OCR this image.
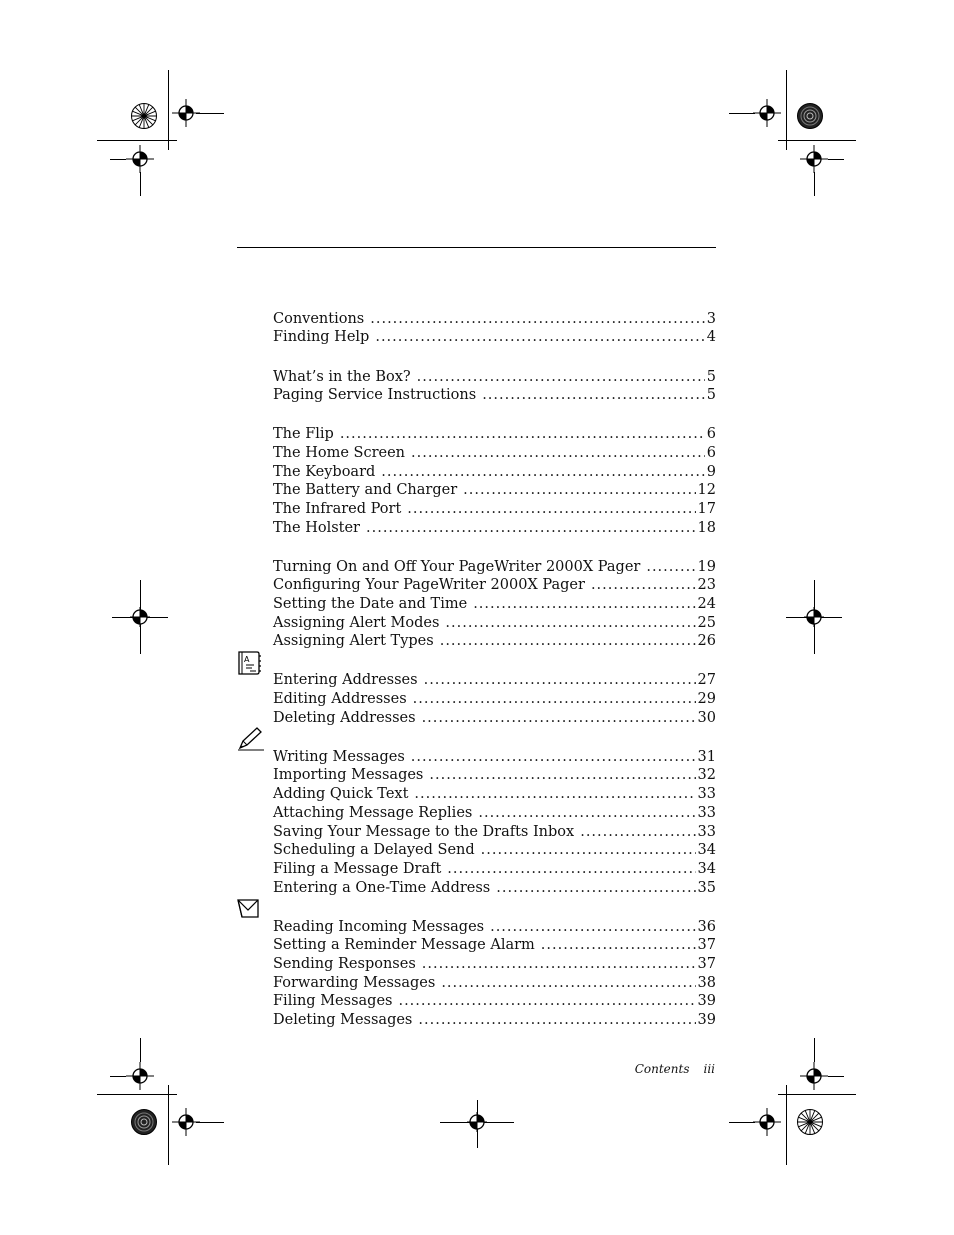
A
Conventions .....	3
Finding Help .....	4
What’s in the Box? .....	5
Paging Service Instructions .....	5
The Flip .....	6
The Home Screen .....	6
The Keyboard .....	9
The Battery and Charger .....	12
The Infrared Port .....	17
The Holster .....	18
Turning On and Off Your PageWriter 2000X Pager .....	19
Configuring Your PageWriter 2000X Pager .....	23
Setting the Date and Time .....	24
Assigning Alert Modes .....	25
Assigning Alert Types .....	26
Entering Addresses .....	27
Editing Addresses .....	29
Deleting Addresses .....	30
Writing Messages .....	31
Importing Messages .....	32
Adding Quick Text .....	33
Attaching Message Replies .....	33
Saving Your Message to the Drafts Inbox .....	33
Scheduling a Delayed Send .....	34
Filing a Message Draft .....	34
Entering a One-Time Address .....	35
Reading Incoming Messages .....	36
Setting a Reminder Message Alarm .....	37
Sending Responses .....	37
Forwarding Messages .....	38
Filing Messages .....	39
Deleting Messages .....	39
Contents iii
